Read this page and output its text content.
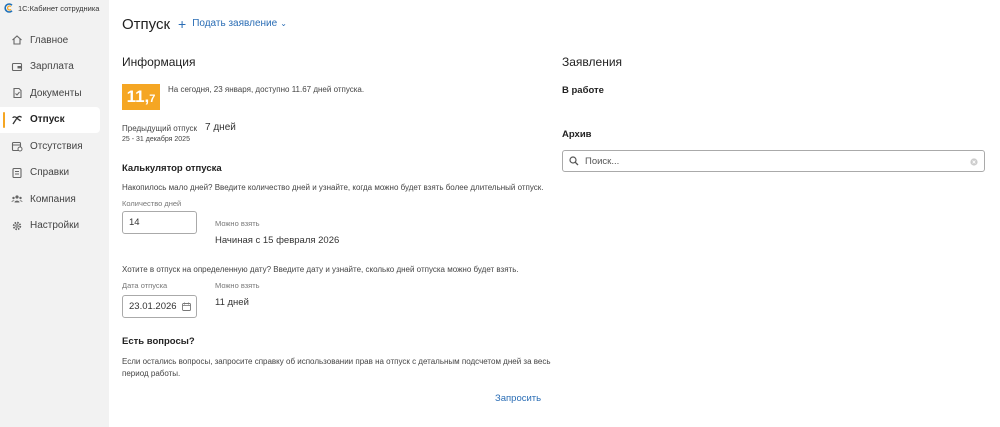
1С:Кабинет сотрудника
Главное
Зарплата
Документы
Отпуск
Отсутствия
Справки
Компания
Настройки
Отпуск + Подать заявление ⌄
Информация
11, 7
На сегодня, 23 января, доступно 11.67 дней отпуска.
Предыдущий отпуск 7 дней
25 - 31 декабря 2025
Калькулятор отпуска
Накопилось мало дней? Введите количество дней и узнайте, когда можно будет взять более длительный отпуск.
Количество дней
14	Можно взять
Начиная с 15 февраля 2026
Хотите в отпуск на определенную дату? Введите дату и узнайте, сколько дней отпуска можно будет взять.
Дата отпуска
23.01.2026
Можно взять
11 дней
Есть вопросы?
Если остались вопросы, запросите справку об использовании прав на отпуск с детальным подсчетом дней за весь
период работы.
Запросить
Заявления
В работе
Архив
Поиск...
